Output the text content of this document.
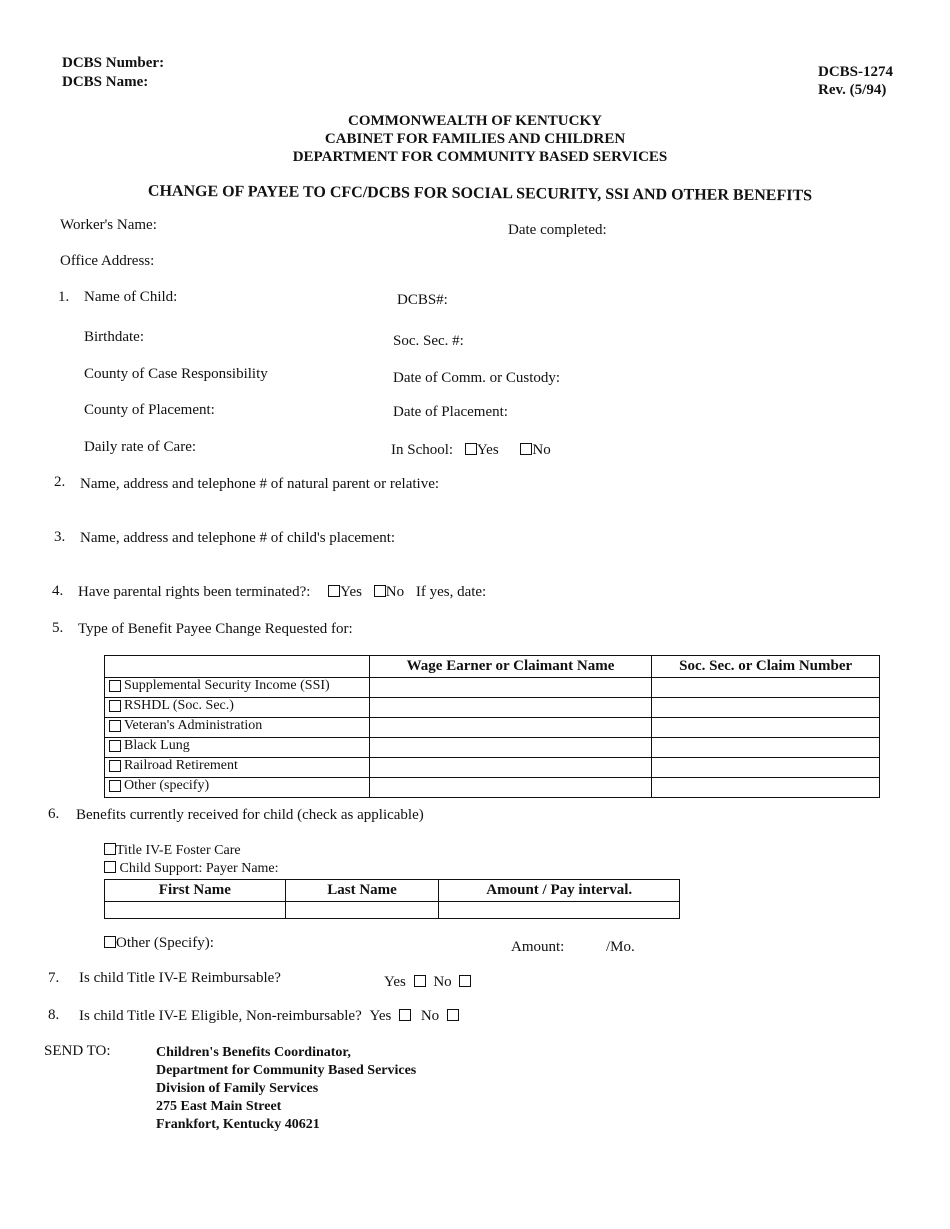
DCBS Number:
DCBS Name:
DCBS-1274
Rev. (5/94)
COMMONWEALTH OF KENTUCKY
CABINET FOR FAMILIES AND CHILDREN
DEPARTMENT FOR COMMUNITY BASED SERVICES
CHANGE OF PAYEE TO CFC/DCBS FOR SOCIAL SECURITY, SSI AND OTHER BENEFITS
Worker's Name:	Date completed:
Office Address:
1. Name of Child:	DCBS#:
Birthdate:	Soc. Sec. #:
County of Case Responsibility	Date of Comm. or Custody:
County of Placement:	Date of Placement:
Daily rate of Care:	In School: Yes No
2. Name, address and telephone # of natural parent or relative:
3. Name, address and telephone # of child's placement:
4. Have parental rights been terminated?: Yes No If yes, date:
5. Type of Benefit Payee Change Requested for:
	Wage Earner or Claimant Name	Soc. Sec. or Claim Number

Supplemental Security Income (SSI)		

RSHDL (Soc. Sec.)		

Veteran's Administration		

Black Lung		

Railroad Retirement		

Other (specify)		

6. Benefits currently received for child (check as applicable)
Title IV-E Foster Care
Child Support: Payer Name:
First Name	Last Name	Amount / Pay interval.

Other (Specify):	Amount:	/Mo.
7. Is child Title IV-E Reimbursable?	Yes No
8. Is child Title IV-E Eligible, Non-reimbursable? Yes No
SEND TO:	Children's Benefits Coordinator,
Department for Community Based Services
Division of Family Services
275 East Main Street
Frankfort, Kentucky 40621
